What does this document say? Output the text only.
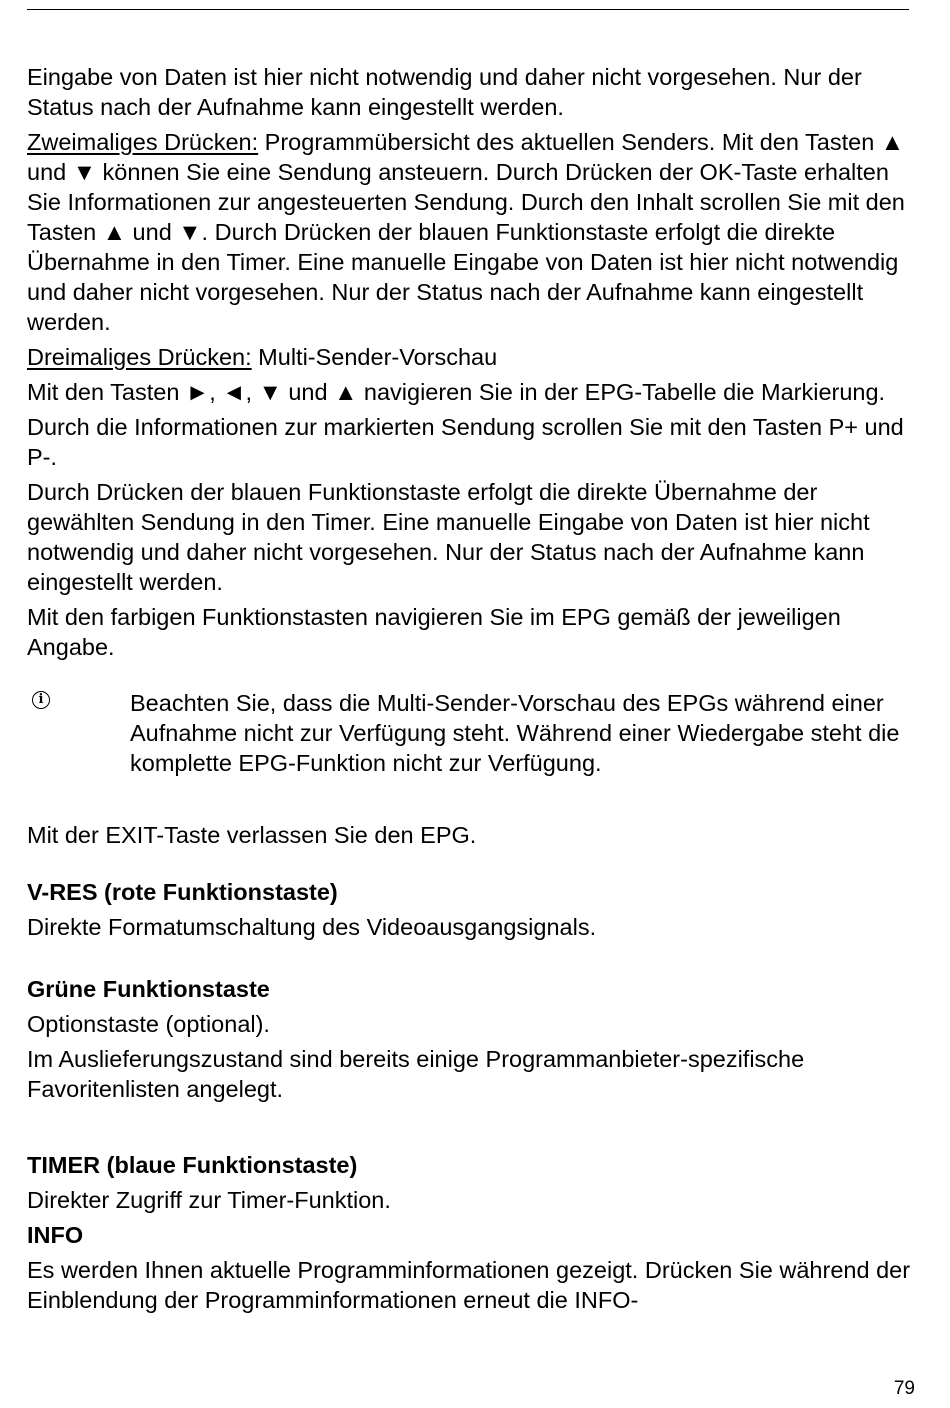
Eingabe von Daten ist hier nicht notwendig und daher nicht vorgesehen. Nur der Status nach der Aufnahme kann eingestellt werden.

Zweimaliges Drücken: Programmübersicht des aktuellen Senders. Mit den Tasten ▲ und ▼ können Sie eine Sendung ansteuern. Durch Drücken der OK-Taste erhalten Sie Informationen zur angesteuerten Sendung. Durch den Inhalt scrollen Sie mit den Tasten ▲ und ▼. Durch Drücken der blauen Funktionstaste erfolgt die direkte Übernahme in den Timer. Eine manuelle Eingabe von Daten ist hier nicht notwendig und daher nicht vorgesehen. Nur der Status nach der Aufnahme kann eingestellt werden.

Dreimaliges Drücken: Multi-Sender-Vorschau

Mit den Tasten ►, ◄, ▼ und ▲ navigieren Sie in der EPG-Tabelle die Markierung.

Durch die Informationen zur markierten Sendung scrollen Sie mit den Tasten P+ und P-.

Durch Drücken der blauen Funktionstaste erfolgt die direkte Übernahme der gewählten Sendung in den Timer. Eine manuelle Eingabe von Daten ist hier nicht notwendig und daher nicht vorgesehen. Nur der Status nach der Aufnahme kann eingestellt werden.

Mit den farbigen Funktionstasten navigieren Sie im EPG gemäß der jeweiligen Angabe.

i	Beachten Sie, dass die Multi-Sender-Vorschau des EPGs während einer Aufnahme nicht zur Verfügung steht. Während einer Wiedergabe steht die komplette EPG-Funktion nicht zur Verfügung.

Mit der EXIT-Taste verlassen Sie den EPG.

V-RES (rote Funktionstaste)

Direkte Formatumschaltung des Videoausgangsignals.

Grüne Funktionstaste

Optionstaste (optional).

Im Auslieferungszustand sind bereits einige Programmanbieter-spezifische Favoritenlisten angelegt.

TIMER (blaue Funktionstaste)

Direkter Zugriff zur Timer-Funktion.

INFO

Es werden Ihnen aktuelle Programminformationen gezeigt. Drücken Sie während der Einblendung der Programminformationen erneut die INFO-

79
